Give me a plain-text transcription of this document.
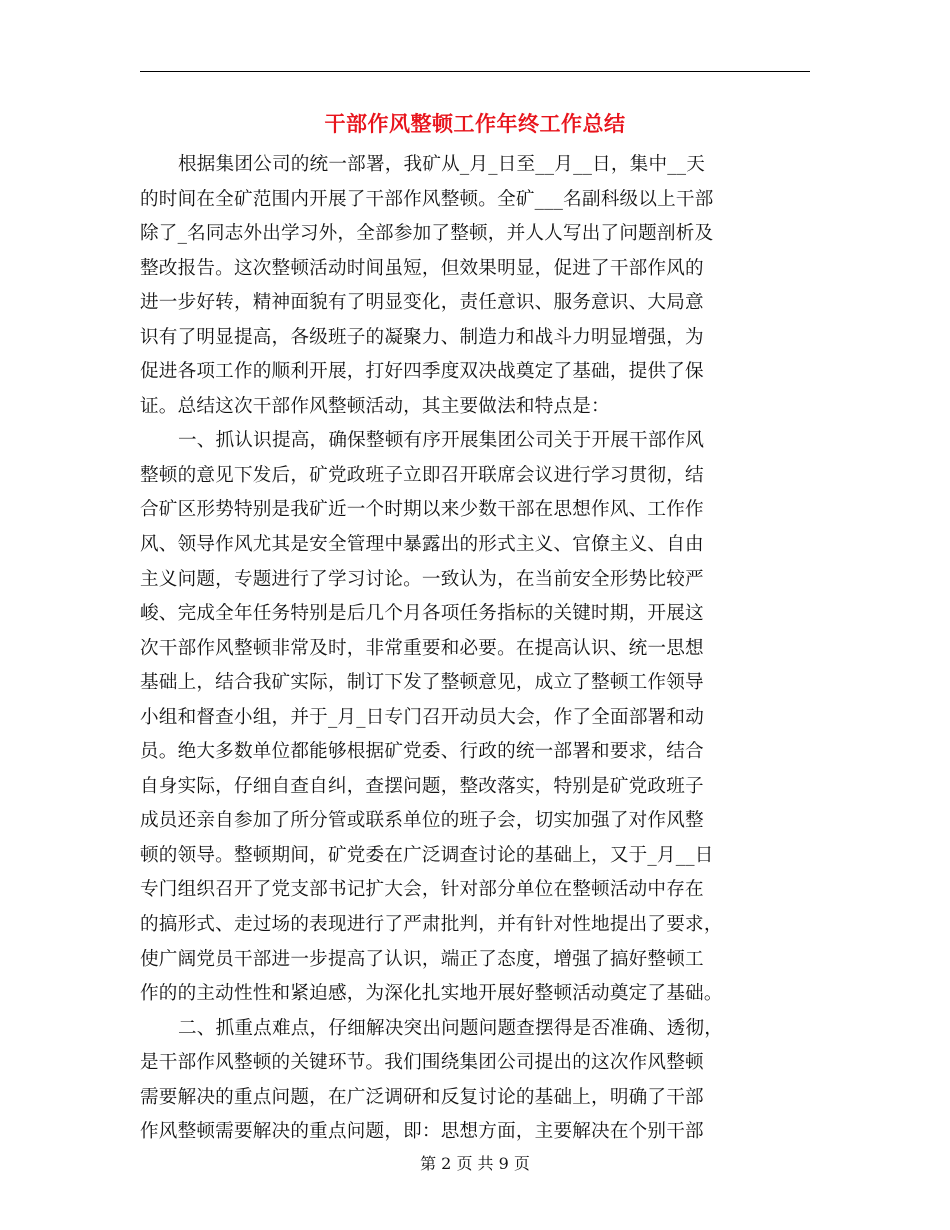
干部作风整顿工作年终工作总结
根据集团公司的统一部署，我矿从_月_日至__月__日，集中__天
的时间在全矿范围内开展了干部作风整顿。全矿___名副科级以上干部
除了_名同志外出学习外，全部参加了整顿，并人人写出了问题剖析及
整改报告。这次整顿活动时间虽短，但效果明显，促进了干部作风的
进一步好转，精神面貌有了明显变化，责任意识、服务意识、大局意
识有了明显提高，各级班子的凝聚力、制造力和战斗力明显增强，为
促进各项工作的顺利开展，打好四季度双决战奠定了基础，提供了保
证。总结这次干部作风整顿活动，其主要做法和特点是：
一、抓认识提高，确保整顿有序开展集团公司关于开展干部作风
整顿的意见下发后，矿党政班子立即召开联席会议进行学习贯彻，结
合矿区形势特别是我矿近一个时期以来少数干部在思想作风、工作作
风、领导作风尤其是安全管理中暴露出的形式主义、官僚主义、自由
主义问题，专题进行了学习讨论。一致认为，在当前安全形势比较严
峻、完成全年任务特别是后几个月各项任务指标的关键时期，开展这
次干部作风整顿非常及时，非常重要和必要。在提高认识、统一思想
基础上，结合我矿实际，制订下发了整顿意见，成立了整顿工作领导
小组和督查小组，并于_月_日专门召开动员大会，作了全面部署和动
员。绝大多数单位都能够根据矿党委、行政的统一部署和要求，结合
自身实际，仔细自查自纠，查摆问题，整改落实，特别是矿党政班子
成员还亲自参加了所分管或联系单位的班子会，切实加强了对作风整
顿的领导。整顿期间，矿党委在广泛调查讨论的基础上，又于_月__日
专门组织召开了党支部书记扩大会，针对部分单位在整顿活动中存在
的搞形式、走过场的表现进行了严肃批判，并有针对性地提出了要求，
使广阔党员干部进一步提高了认识，端正了态度，增强了搞好整顿工
作的的主动性性和紧迫感，为深化扎实地开展好整顿活动奠定了基础。
二、抓重点难点，仔细解决突出问题问题查摆得是否准确、透彻，
是干部作风整顿的关键环节。我们围绕集团公司提出的这次作风整顿
需要解决的重点问题，在广泛调研和反复讨论的基础上，明确了干部
作风整顿需要解决的重点问题，即：思想方面，主要解决在个别干部
第 2 页 共 9 页
